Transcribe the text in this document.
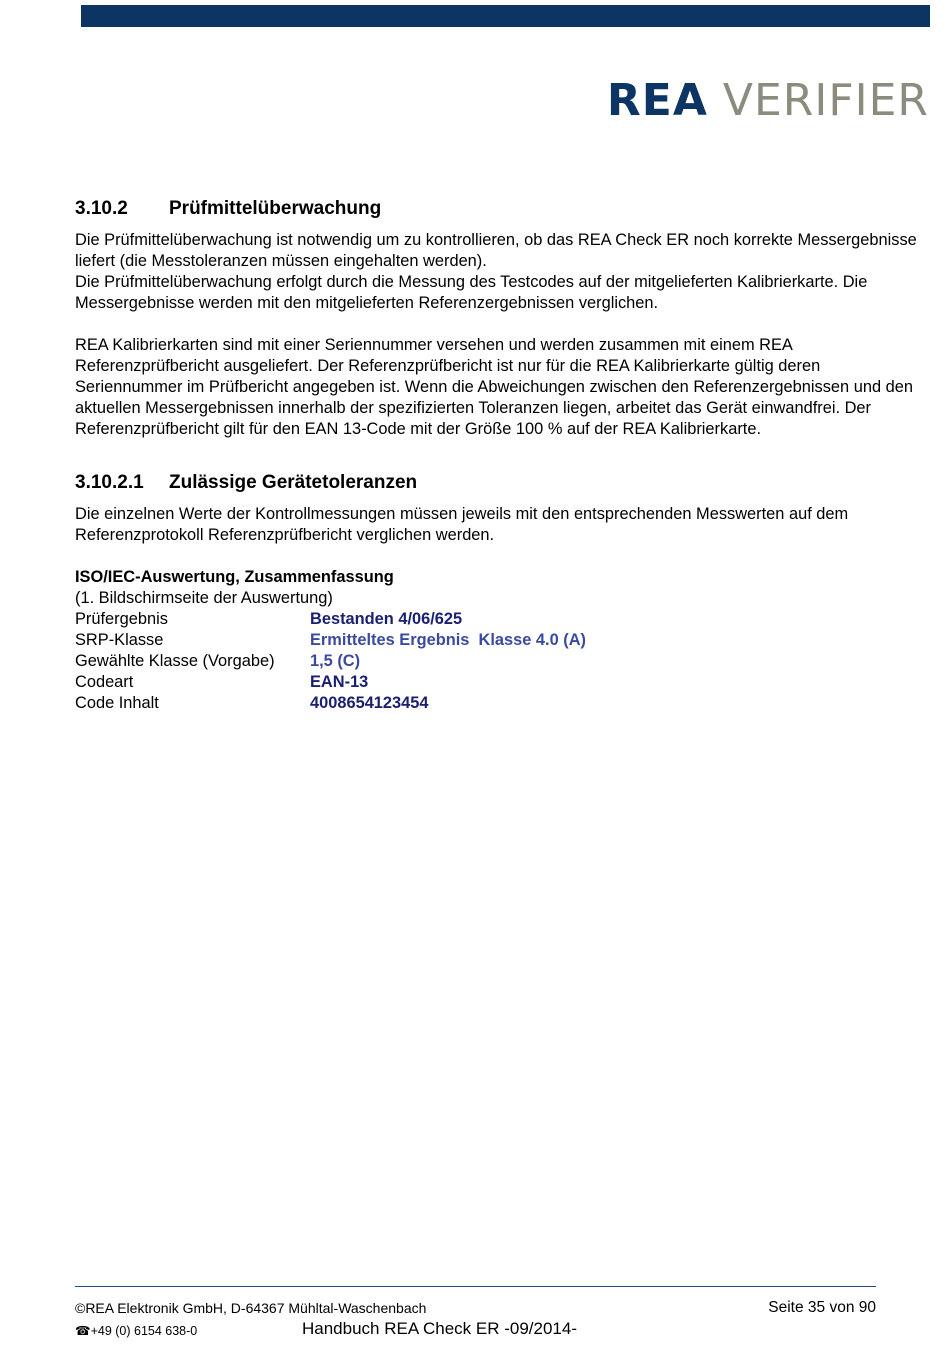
REA VERIFIER
3.10.2 Prüfmittelüberwachung

Die Prüfmittelüberwachung ist notwendig um zu kontrollieren, ob das REA Check ER noch korrekte Messergebnisse liefert (die Messtoleranzen müssen eingehalten werden).

Die Prüfmittelüberwachung erfolgt durch die Messung des Testcodes auf der mitgelieferten Kalibrierkarte. Die Messergebnisse werden mit den mitgelieferten Referenzergebnissen verglichen.

REA Kalibrierkarten sind mit einer Seriennummer versehen und werden zusammen mit einem REA Referenzprüfbericht ausgeliefert. Der Referenzprüfbericht ist nur für die REA Kalibrierkarte gültig deren Seriennummer im Prüfbericht angegeben ist. Wenn die Abweichungen zwischen den Referenzergebnissen und den aktuellen Messergebnissen innerhalb der spezifizierten Toleranzen liegen, arbeitet das Gerät einwandfrei. Der Referenzprüfbericht gilt für den EAN 13-Code mit der Größe 100 % auf der REA Kalibrierkarte.

3.10.2.1 Zulässige Gerätetoleranzen

Die einzelnen Werte der Kontrollmessungen müssen jeweils mit den entsprechenden Messwerten auf dem Referenzprotokoll Referenzprüfbericht verglichen werden.

ISO/IEC-Auswertung, Zusammenfassung

(1. Bildschirmseite der Auswertung)

Prüfergebnis	Bestanden 4/06/625
SRP-Klasse	Ermitteltes Ergebnis  Klasse 4.0 (A)
Gewählte Klasse (Vorgabe)	1,5 (C)
Codeart	EAN-13
Code Inhalt	4008654123454
©REA Elektronik GmbH, D-64367 Mühltal-Waschenbach	Seite 35 von 90
☎+49 (0) 6154 638-0	Handbuch REA Check ER -09/2014-
